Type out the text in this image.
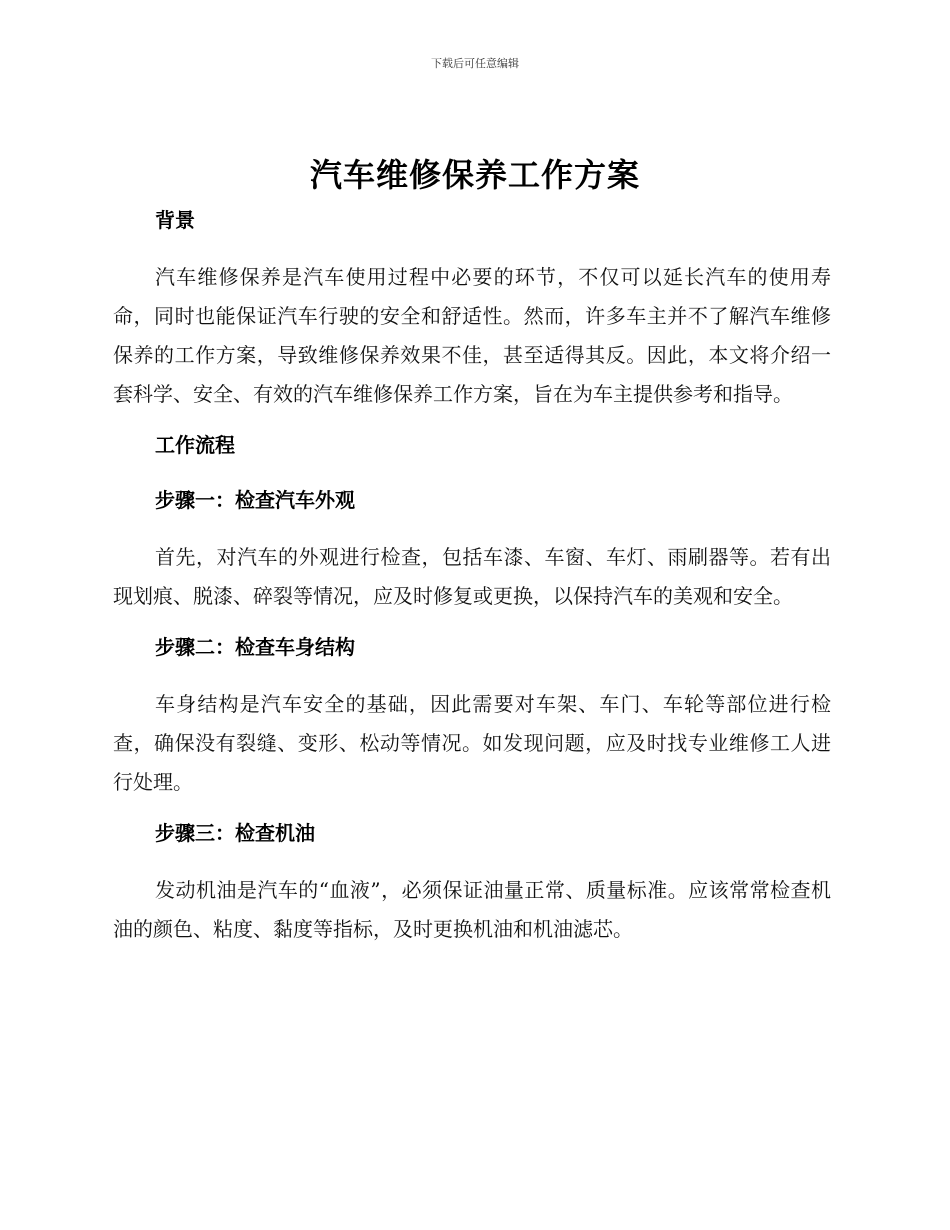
下载后可任意编辑
汽车维修保养工作方案
背景

汽车维修保养是汽车使用过程中必要的环节，不仅可以延长汽车的使用寿命，同时也能保证汽车行驶的安全和舒适性。然而，许多车主并不了解汽车维修保养的工作方案，导致维修保养效果不佳，甚至适得其反。因此，本文将介绍一套科学、安全、有效的汽车维修保养工作方案，旨在为车主提供参考和指导。

工作流程
步骤一：检查汽车外观

首先，对汽车的外观进行检查，包括车漆、车窗、车灯、雨刷器等。若有出现划痕、脱漆、碎裂等情况，应及时修复或更换，以保持汽车的美观和安全。

步骤二：检查车身结构

车身结构是汽车安全的基础，因此需要对车架、车门、车轮等部位进行检查，确保没有裂缝、变形、松动等情况。如发现问题，应及时找专业维修工人进行处理。

步骤三：检查机油

发动机油是汽车的“血液”，必须保证油量正常、质量标准。应该常常检查机油的颜色、粘度、黏度等指标，及时更换机油和机油滤芯。
